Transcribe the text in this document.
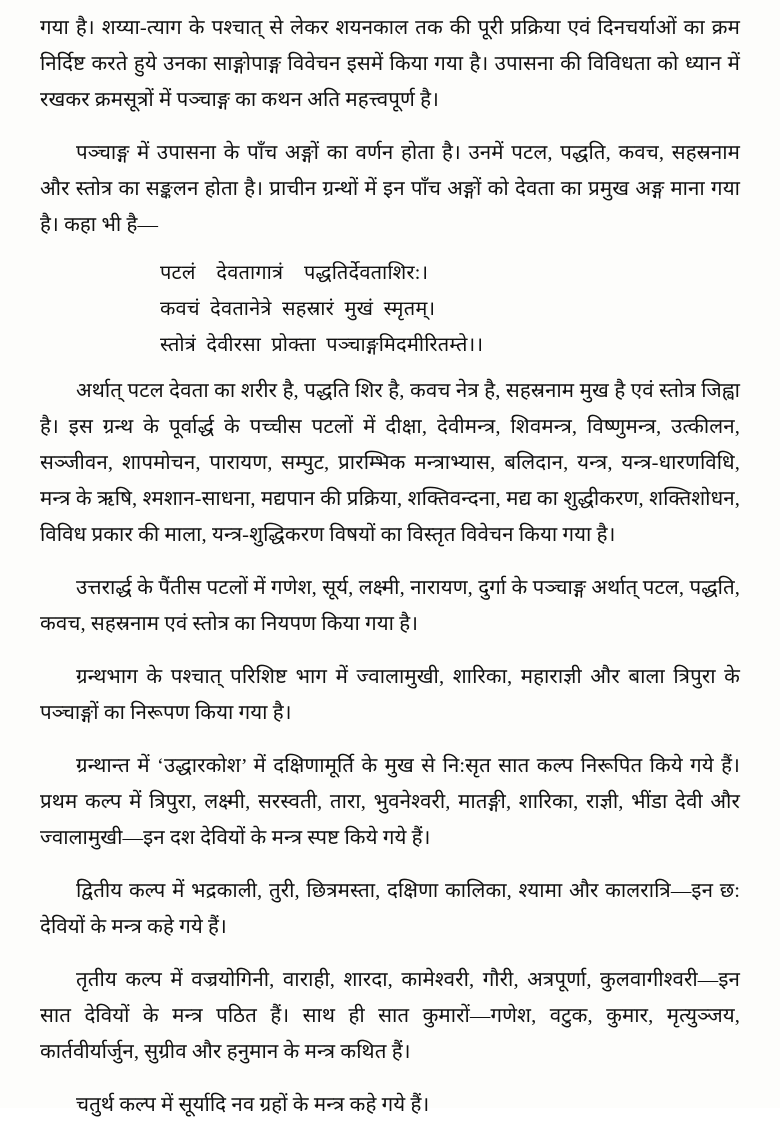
गया है। शय्या-त्याग के पश्चात् से लेकर शयनकाल तक की पूरी प्रक्रिया एवं दिनचर्याओं का क्रम निर्दिष्ट करते हुये उनका साङ्गोपाङ्ग विवेचन इसमें किया गया है। उपासना की विविधता को ध्यान में रखकर क्रमसूत्रों में पञ्चाङ्ग का कथन अति महत्त्वपूर्ण है।

पञ्चाङ्ग में उपासना के पाँच अङ्गों का वर्णन होता है। उनमें पटल, पद्धति, कवच, सहस्रनाम और स्तोत्र का सङ्कलन होता है। प्राचीन ग्रन्थों में इन पाँच अङ्गों को देवता का प्रमुख अङ्ग माना गया है। कहा भी है—

पटलं    देवतागात्रं    पद्धतिर्देवताशिर:।
कवचं  देवतानेत्रे  सहस्रारं  मुखं  स्मृतम्।
स्तोत्रं  देवीरसा  प्रोक्ता  पञ्चाङ्गमिदमीरितम्ते।।

अर्थात् पटल देवता का शरीर है, पद्धति शिर है, कवच नेत्र है, सहस्रनाम मुख है एवं स्तोत्र जिह्वा है। इस ग्रन्थ के पूर्वार्द्ध के पच्चीस पटलों में दीक्षा, देवीमन्त्र, शिवमन्त्र, विष्णुमन्त्र, उत्कीलन, सञ्जीवन, शापमोचन, पारायण, सम्पुट, प्रारम्भिक मन्त्राभ्यास, बलिदान, यन्त्र, यन्त्र-धारणविधि, मन्त्र के ऋषि, श्मशान-साधना, मद्यपान की प्रक्रिया, शक्तिवन्दना, मद्य का शुद्धीकरण, शक्तिशोधन, विविध प्रकार की माला, यन्त्र-शुद्धिकरण विषयों का विस्तृत विवेचन किया गया है।

उत्तरार्द्ध के पैंतीस पटलों में गणेश, सूर्य, लक्ष्मी, नारायण, दुर्गा के पञ्चाङ्ग अर्थात् पटल, पद्धति, कवच, सहस्रनाम एवं स्तोत्र का नियपण किया गया है।

ग्रन्थभाग के पश्चात् परिशिष्ट भाग में ज्वालामुखी, शारिका, महाराज्ञी और बाला त्रिपुरा के पञ्चाङ्गों का निरूपण किया गया है।

ग्रन्थान्त में ‘उद्धारकोश’ में दक्षिणामूर्ति के मुख से नि:सृत सात कल्प निरूपित किये गये हैं। प्रथम कल्प में त्रिपुरा, लक्ष्मी, सरस्वती, तारा, भुवनेश्वरी, मातङ्गी, शारिका, राज्ञी, भींडा देवी और ज्वालामुखी—इन दश देवियों के मन्त्र स्पष्ट किये गये हैं।

द्वितीय कल्प में भद्रकाली, तुरी, छित्रमस्ता, दक्षिणा कालिका, श्यामा और कालरात्रि—इन छ: देवियों के मन्त्र कहे गये हैं।

तृतीय कल्प में वज्रयोगिनी, वाराही, शारदा, कामेश्वरी, गौरी, अत्रपूर्णा, कुलवागीश्वरी—इन सात देवियों के मन्त्र पठित हैं। साथ ही सात कुमारों—गणेश, वटुक, कुमार, मृत्युञ्जय, कार्तवीर्यार्जुन, सुग्रीव और हनुमान के मन्त्र कथित हैं।

चतुर्थ कल्प में सूर्यादि नव ग्रहों के मन्त्र कहे गये हैं।
